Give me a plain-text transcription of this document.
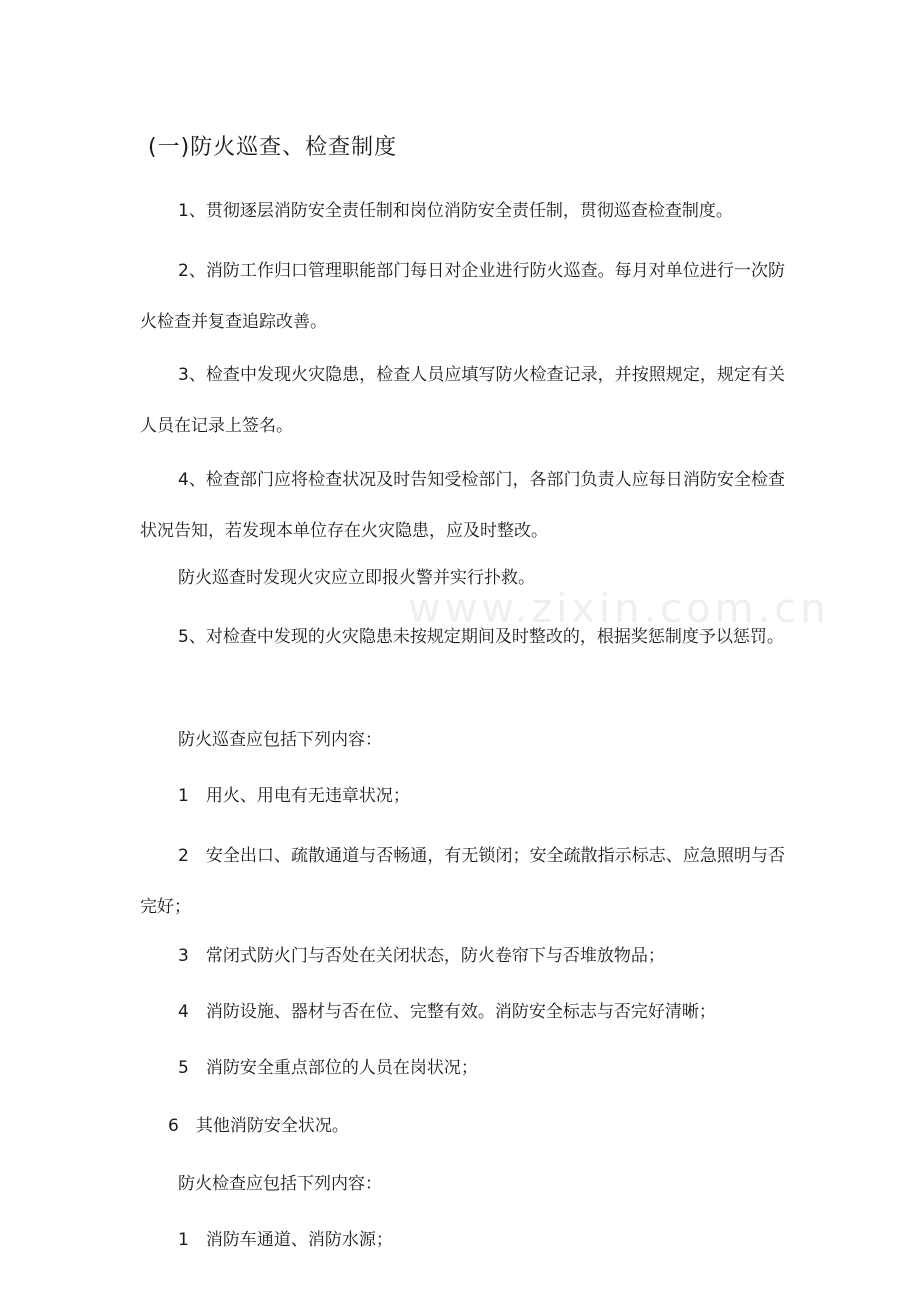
www.zixin.com.cn
(一)防火巡查、检查制度
1、贯彻逐层消防安全责任制和岗位消防安全责任制，贯彻巡查检查制度。
2、消防工作归口管理职能部门每日对企业进行防火巡查。每月对单位进行一次防火检查并复查追踪改善。
3、检查中发现火灾隐患，检查人员应填写防火检查记录，并按照规定，规定有关人员在记录上签名。
4、检查部门应将检查状况及时告知受检部门，各部门负责人应每日消防安全检查状况告知，若发现本单位存在火灾隐患，应及时整改。
防火巡查时发现火灾应立即报火警并实行扑救。
5、对检查中发现的火灾隐患未按规定期间及时整改的，根据奖惩制度予以惩罚。
防火巡查应包括下列内容：
1　用火、用电有无违章状况；
2　安全出口、疏散通道与否畅通，有无锁闭；安全疏散指示标志、应急照明与否完好；
3　常闭式防火门与否处在关闭状态，防火卷帘下与否堆放物品；
4　消防设施、器材与否在位、完整有效。消防安全标志与否完好清晰；
5　消防安全重点部位的人员在岗状况；
6　其他消防安全状况。
防火检查应包括下列内容：
1　消防车通道、消防水源；
